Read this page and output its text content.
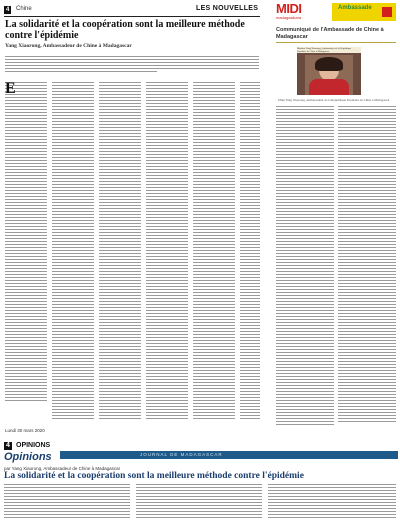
4	Chine	LES NOUVELLES
La solidarité et la coopération sont la meilleure méthode contre l'épidémie
Yang Xiaorong, Ambassadeur de Chine à Madagascar
E
Lundi 30 mars 2020
MIDI
madagasikara
Ambassade
Communiqué de l'Ambassade de Chine à Madagascar
Madame Yang Xiaorong, Ambassadeur de la République Populaire de Chine à Madagascar
Mme Yang Xiaorong, Ambassadeur de la République Populaire de Chine à Madagascar
4 OPINIONS
JOURNAL DE MADAGASCAR
Opinions
par Yang Xiaorong, Ambassadeur de Chine à Madagascar
La solidarité et la coopération sont la meilleure méthode contre l'épidémie
